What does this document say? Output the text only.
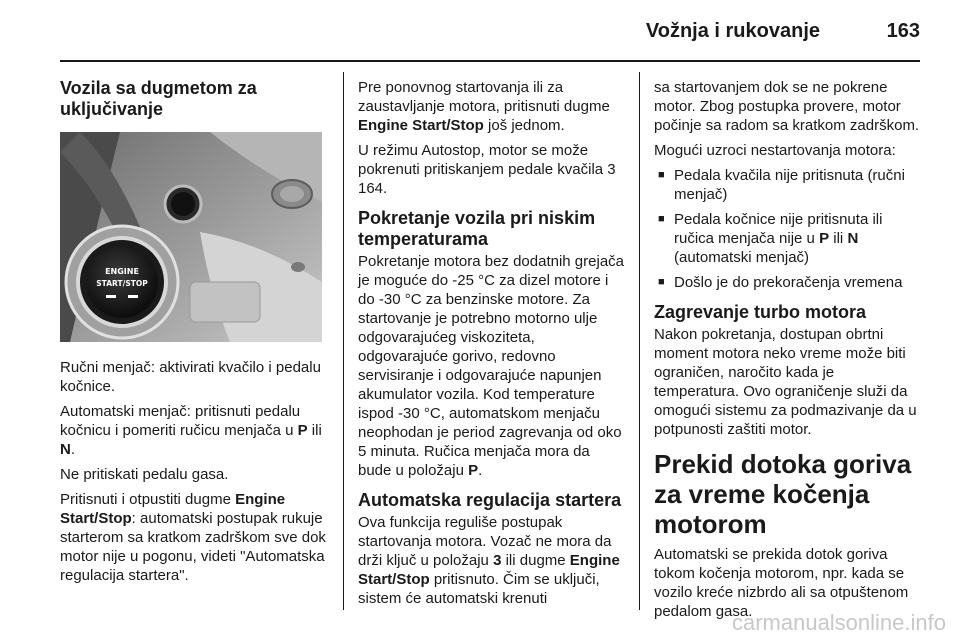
Vožnja i rukovanje	163
Vozila sa dugmetom za uključivanje
ENGINE
START/STOP

Ručni menjač: aktivirati kvačilo i pedalu kočnice.

Automatski menjač: pritisnuti pedalu kočnicu i pomeriti ručicu menjača u P ili N.

Ne pritiskati pedalu gasa.

Pritisnuti i otpustiti dugme Engine Start/Stop: automatski postupak rukuje starterom sa kratkom zadrškom sve dok motor nije u pogonu, videti "Automatska regulacija startera".

Pre ponovnog startovanja ili za zaustavljanje motora, pritisnuti dugme Engine Start/Stop još jednom.

U režimu Autostop, motor se može pokrenuti pritiskanjem pedale kvačila 3 164.

Pokretanje vozila pri niskim temperaturama

Pokretanje motora bez dodatnih grejača je moguće do -25 °C za dizel motore i do -30 °C za benzinske motore. Za startovanje je potrebno motorno ulje odgovarajućeg viskoziteta, odgovarajuće gorivo, redovno servisiranje i odgovarajuće napunjen akumulator vozila. Kod temperature ispod -30 °C, automatskom menjaču neophodan je period zagrevanja od oko 5 minuta. Ručica menjača mora da bude u položaju P.

Automatska regulacija startera

Ova funkcija reguliše postupak startovanja motora. Vozač ne mora da drži ključ u položaju 3 ili dugme Engine Start/Stop pritisnuto. Čim se uključi, sistem će automatski krenuti

sa startovanjem dok se ne pokrene motor. Zbog postupka provere, motor počinje sa radom sa kratkom zadrškom.

Mogući uzroci nestartovanja motora:

■ Pedala kvačila nije pritisnuta (ručni menjač)
■ Pedala kočnice nije pritisnuta ili ručica menjača nije u P ili N (automatski menjač)
■ Došlo je do prekoračenja vremena
Zagrevanje turbo motora

Nakon pokretanja, dostupan obrtni moment motora neko vreme može biti ograničen, naročito kada je temperatura. Ovo ograničenje služi da omogući sistemu za podmazivanje da u potpunosti zaštiti motor.

Prekid dotoka goriva za vreme kočenja motorom

Automatski se prekida dotok goriva tokom kočenja motorom, npr. kada se vozilo kreće nizbrdo ali sa otpuštenom pedalom gasa.

carmanualsonline.info
